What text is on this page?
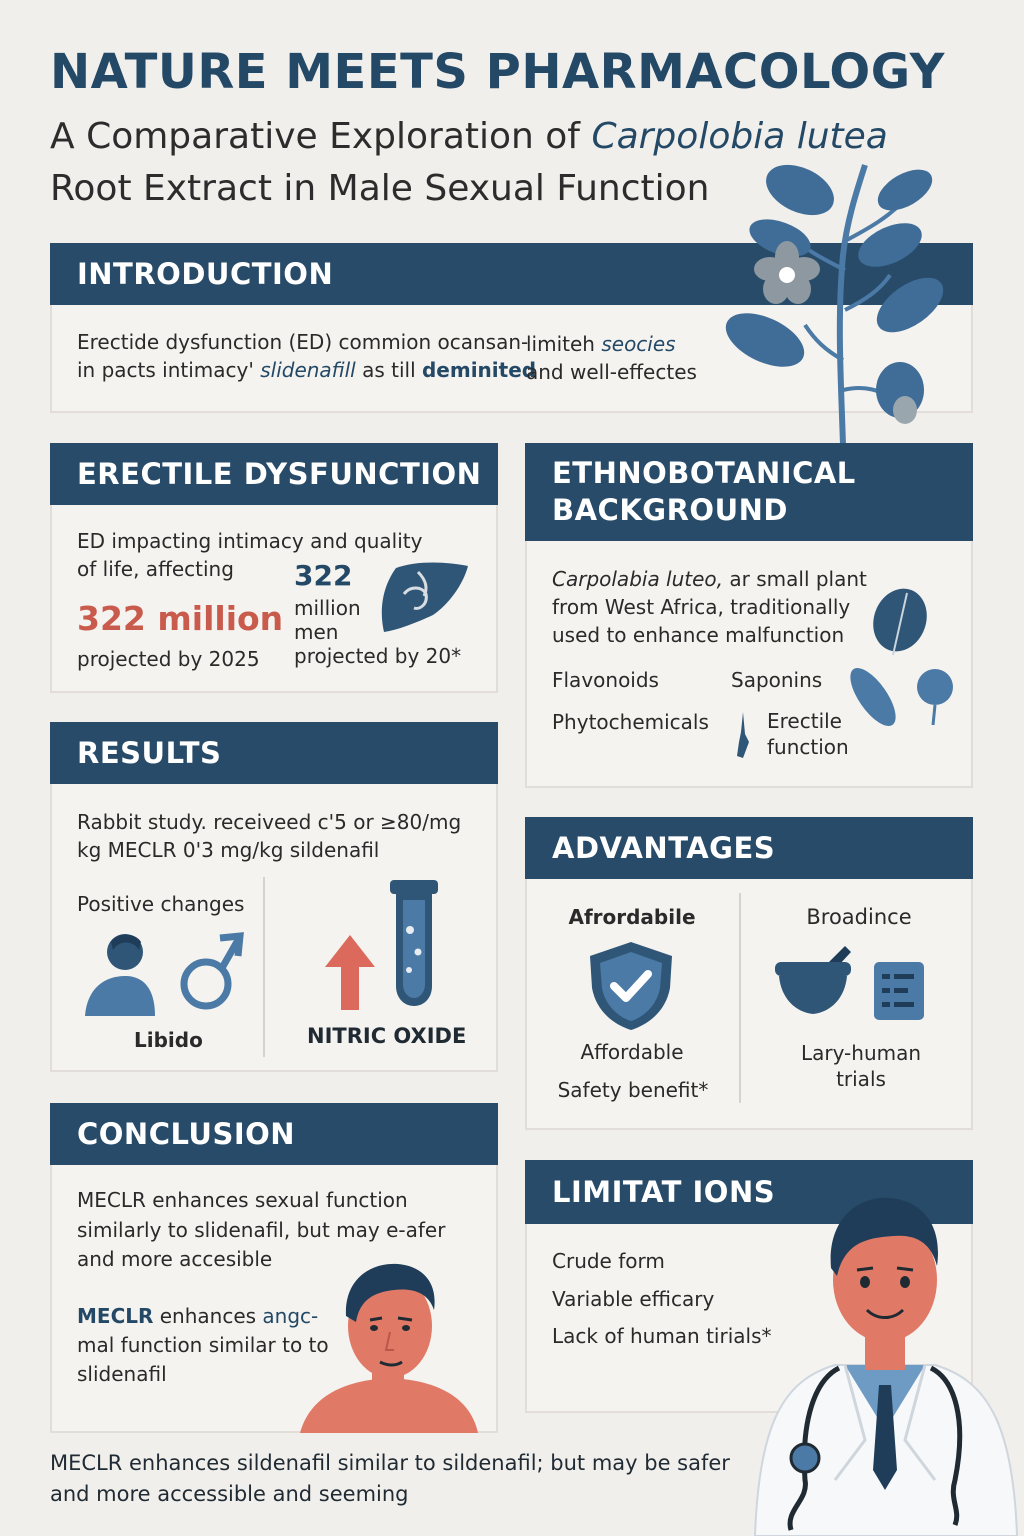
NATURE MEETS PHARMACOLOGY
A Comparative Exploration of Carpolobia lutea
Root Extract in Male Sexual Function
INTRODUCTION
Erectide dysfunction (ED) commion ocansan-
in pacts intimacy' slidenafill as till deminited
limiteh seocies
and well-effectes
ERECTILE DYSFUNCTION
ED impacting intimacy and quality
of life, affecting
322 million
projected by 2025
322
million
men
projected by 20*
ETHNOBOTANICAL
BACKGROUND
Carpolabia luteo, ar small plant
from West Africa, traditionally
used to enhance malfunction
Flavonoids	Saponins
Phytochemicals	Erectile
function
RESULTS
Rabbit study. receiveed c'5 or ≥80/mg
kg MECLR 0'3 mg/kg sildenafil
Positive changes
Libido	NITRIC OXIDE
ADVANTAGES
Afrordabile
Affordable
Safety benefit*
Broadince
Lary-human
trials
CONCLUSION
MECLR enhances sexual function
similarly to slidenafil, but may e-afer
and more accesible
MECLR enhances angc-
mal function similar to to
slidenafil
LIMITAT IONS
Crude form
Variable efficary
Lack of human tirials*
MECLR enhances sildenafil similar to sildenafil; but may be safer
and more accessible and seeming
